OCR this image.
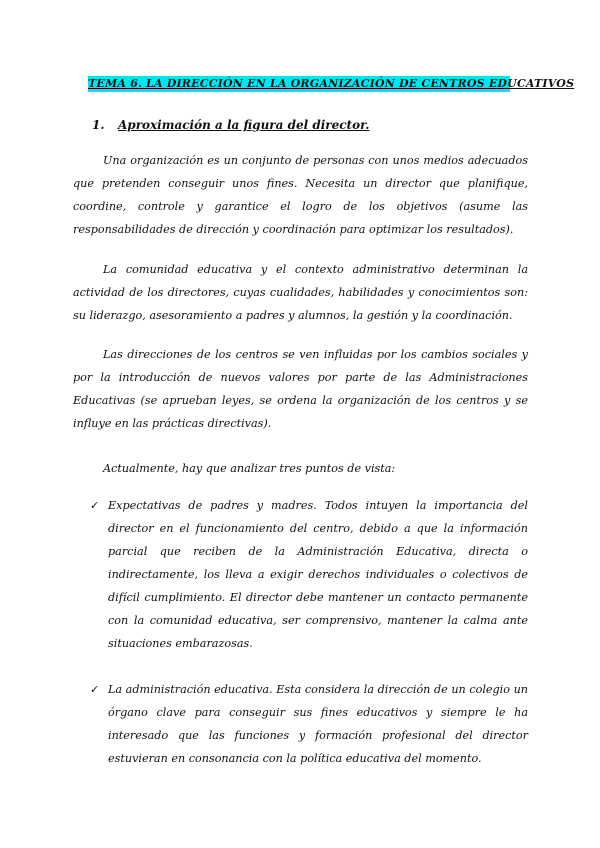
TEMA 6. LA DIRECCIÓN EN LA ORGANIZACIÓN DE CENTROS EDUCATIVOS
1. Aproximación a la figura del director.

Una organización es un conjunto de personas con unos medios adecuados que pretenden conseguir unos fines. Necesita un director que planifique, coordine, controle y garantice el logro de los objetivos (asume las responsabilidades de dirección y coordinación para optimizar los resultados).

La comunidad educativa y el contexto administrativo determinan la actividad de los directores, cuyas cualidades, habilidades y conocimientos son: su liderazgo, asesoramiento a padres y alumnos, la gestión y la coordinación.

Las direcciones de los centros se ven influidas por los cambios sociales y por la introducción de nuevos valores por parte de las Administraciones Educativas (se aprueban leyes, se ordena la organización de los centros y se influye en las prácticas directivas).

Actualmente, hay que analizar tres puntos de vista:
✓ Expectativas de padres y madres. Todos intuyen la importancia del director en el funcionamiento del centro, debido a que la información parcial que reciben de la Administración Educativa, directa o indirectamente, los lleva a exigir derechos individuales o colectivos de difícil cumplimiento. El director debe mantener un contacto permanente con la comunidad educativa, ser comprensivo, mantener la calma ante situaciones embarazosas.
✓ La administración educativa. Esta considera la dirección de un colegio un órgano clave para conseguir sus fines educativos y siempre le ha interesado que las funciones y formación profesional del director estuvieran en consonancia con la política educativa del momento.
